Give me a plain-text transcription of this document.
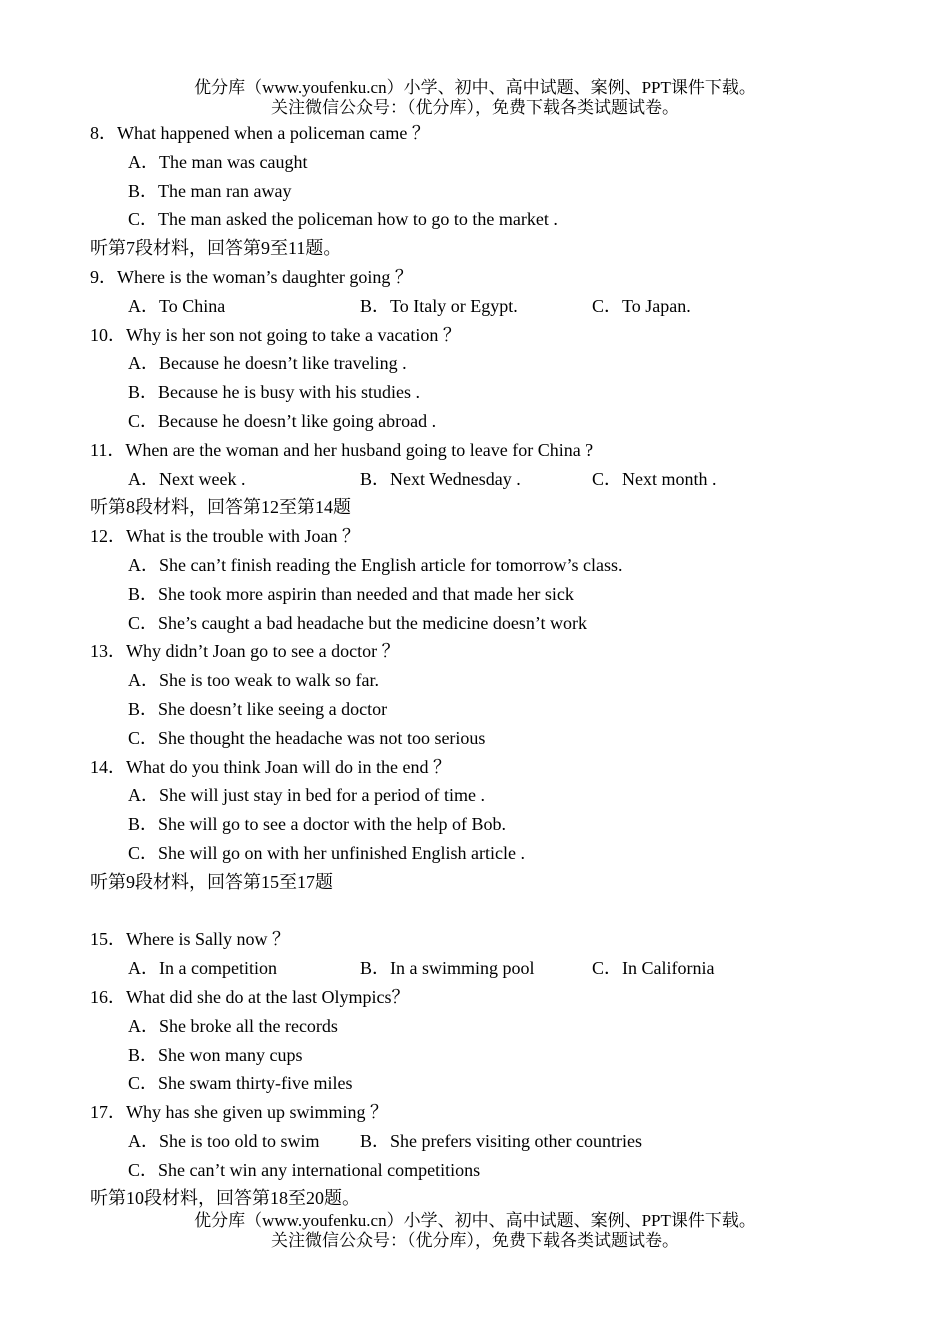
优分库（www.youfenku.cn）小学、初中、高中试题、案例、PPT课件下载。
关注微信公众号：（优分库），免费下载各类试题试卷。
8．What happened when a policeman came ？
A．The man was caught
B．The man ran away
C．The man asked the policeman how to go to the market .
听第7段材料，回答第9至11题。
9．Where is the woman’s daughter going ？
A．To China	B．To Italy or Egypt.	C．To Japan.
10．Why is her son not going to take a vacation ？
A．Because he doesn’t like traveling .
B．Because he is busy with his studies .
C．Because he doesn’t like going abroad .
11．When are the woman and her husband going to leave for China ?
A．Next week .	B．Next Wednesday .	C．Next month .
听第8段材料，回答第12至第14题
12．What is the trouble with Joan ？
A．She can’t finish reading the English article for tomorrow’s class.
B．She took more aspirin than needed and that made her sick
C．She’s caught a bad headache but the medicine doesn’t work
13．Why didn’t Joan go to see a doctor ？
A．She is too weak to walk so far.
B．She doesn’t like seeing a doctor
C．She thought the headache was not too serious
14．What do you think Joan will do in the end ？
A．She will just stay in bed for a period of time .
B．She will go to see a doctor with the help of Bob.
C．She will go on with her unfinished English article .
听第9段材料，回答第15至17题
15．Where is Sally now ？
A．In a competition	B．In a swimming pool	C．In California
16．What did she do at the last Olympics？
A．She broke all the records
B．She won many cups
C．She swam thirty-five miles
17．Why has she given up swimming ？
A．She is too old to swim B．She prefers visiting other countries
C．She can’t win any international competitions
听第10段材料，回答第18至20题。
优分库（www.youfenku.cn）小学、初中、高中试题、案例、PPT课件下载。
关注微信公众号：（优分库），免费下载各类试题试卷。
